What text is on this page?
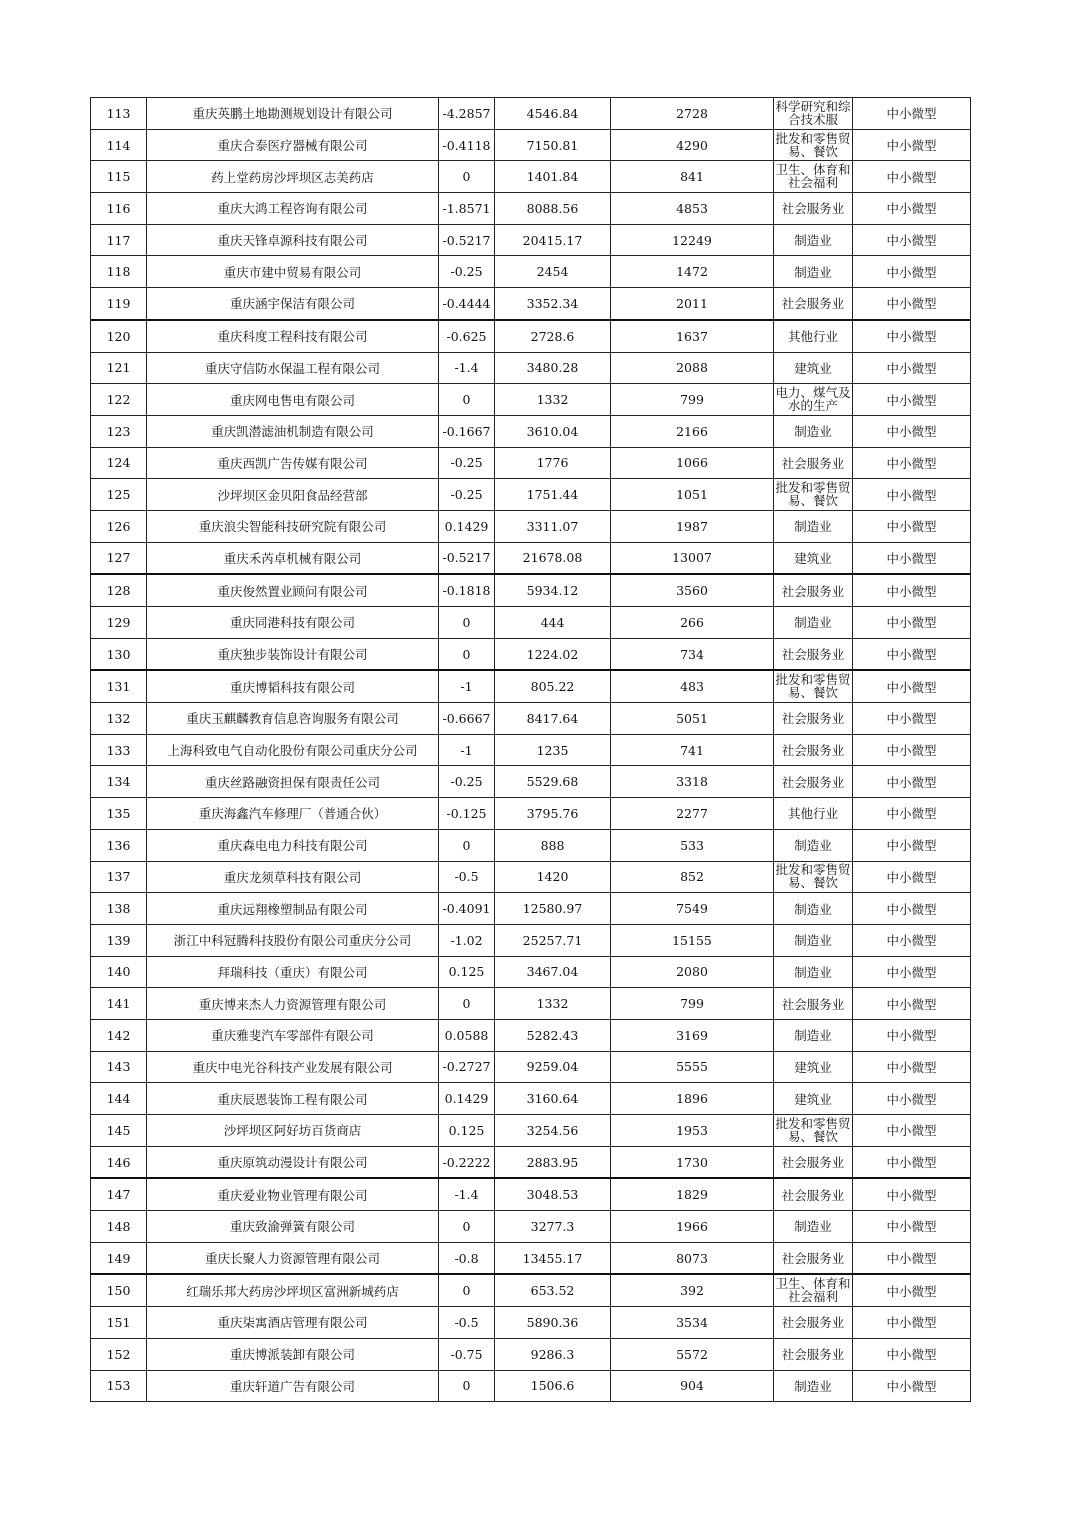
113	重庆英鹏土地勘测规划设计有限公司	-4.2857	4546.84	2728	科学研究和综合技术服	中小微型
114	重庆合泰医疗器械有限公司	-0.4118	7150.81	4290	批发和零售贸易、餐饮	中小微型
115	药上堂药房沙坪坝区志美药店	0	1401.84	841	卫生、体育和社会福利	中小微型
116	重庆大鸿工程咨询有限公司	-1.8571	8088.56	4853	社会服务业	中小微型
117	重庆天锋卓源科技有限公司	-0.5217	20415.17	12249	制造业	中小微型
118	重庆市建中贸易有限公司	-0.25	2454	1472	制造业	中小微型
119	重庆涵宇保洁有限公司	-0.4444	3352.34	2011	社会服务业	中小微型
120	重庆科度工程科技有限公司	-0.625	2728.6	1637	其他行业	中小微型
121	重庆守信防水保温工程有限公司	-1.4	3480.28	2088	建筑业	中小微型
122	重庆网电售电有限公司	0	1332	799	电力、煤气及水的生产	中小微型
123	重庆凯潜滤油机制造有限公司	-0.1667	3610.04	2166	制造业	中小微型
124	重庆西凯广告传媒有限公司	-0.25	1776	1066	社会服务业	中小微型
125	沙坪坝区金贝阳食品经营部	-0.25	1751.44	1051	批发和零售贸易、餐饮	中小微型
126	重庆浪尖智能科技研究院有限公司	0.1429	3311.07	1987	制造业	中小微型
127	重庆禾芮卓机械有限公司	-0.5217	21678.08	13007	建筑业	中小微型
128	重庆俊然置业顾问有限公司	-0.1818	5934.12	3560	社会服务业	中小微型
129	重庆同港科技有限公司	0	444	266	制造业	中小微型
130	重庆独步装饰设计有限公司	0	1224.02	734	社会服务业	中小微型
131	重庆博韬科技有限公司	-1	805.22	483	批发和零售贸易、餐饮	中小微型
132	重庆玉麒麟教育信息咨询服务有限公司	-0.6667	8417.64	5051	社会服务业	中小微型
133	上海科致电气自动化股份有限公司重庆分公司	-1	1235	741	社会服务业	中小微型
134	重庆丝路融资担保有限责任公司	-0.25	5529.68	3318	社会服务业	中小微型
135	重庆海鑫汽车修理厂（普通合伙）	-0.125	3795.76	2277	其他行业	中小微型
136	重庆森电电力科技有限公司	0	888	533	制造业	中小微型
137	重庆龙须草科技有限公司	-0.5	1420	852	批发和零售贸易、餐饮	中小微型
138	重庆远翔橡塑制品有限公司	-0.4091	12580.97	7549	制造业	中小微型
139	浙江中科冠腾科技股份有限公司重庆分公司	-1.02	25257.71	15155	制造业	中小微型
140	拜瑞科技（重庆）有限公司	0.125	3467.04	2080	制造业	中小微型
141	重庆博来杰人力资源管理有限公司	0	1332	799	社会服务业	中小微型
142	重庆雅斐汽车零部件有限公司	0.0588	5282.43	3169	制造业	中小微型
143	重庆中电光谷科技产业发展有限公司	-0.2727	9259.04	5555	建筑业	中小微型
144	重庆辰恩装饰工程有限公司	0.1429	3160.64	1896	建筑业	中小微型
145	沙坪坝区阿好坊百货商店	0.125	3254.56	1953	批发和零售贸易、餐饮	中小微型
146	重庆原筑动漫设计有限公司	-0.2222	2883.95	1730	社会服务业	中小微型
147	重庆爱业物业管理有限公司	-1.4	3048.53	1829	社会服务业	中小微型
148	重庆致渝弹簧有限公司	0	3277.3	1966	制造业	中小微型
149	重庆长聚人力资源管理有限公司	-0.8	13455.17	8073	社会服务业	中小微型
150	红瑞乐邦大药房沙坪坝区富洲新城药店	0	653.52	392	卫生、体育和社会福利	中小微型
151	重庆柒寓酒店管理有限公司	-0.5	5890.36	3534	社会服务业	中小微型
152	重庆博派装卸有限公司	-0.75	9286.3	5572	社会服务业	中小微型
153	重庆轩道广告有限公司	0	1506.6	904	制造业	中小微型
